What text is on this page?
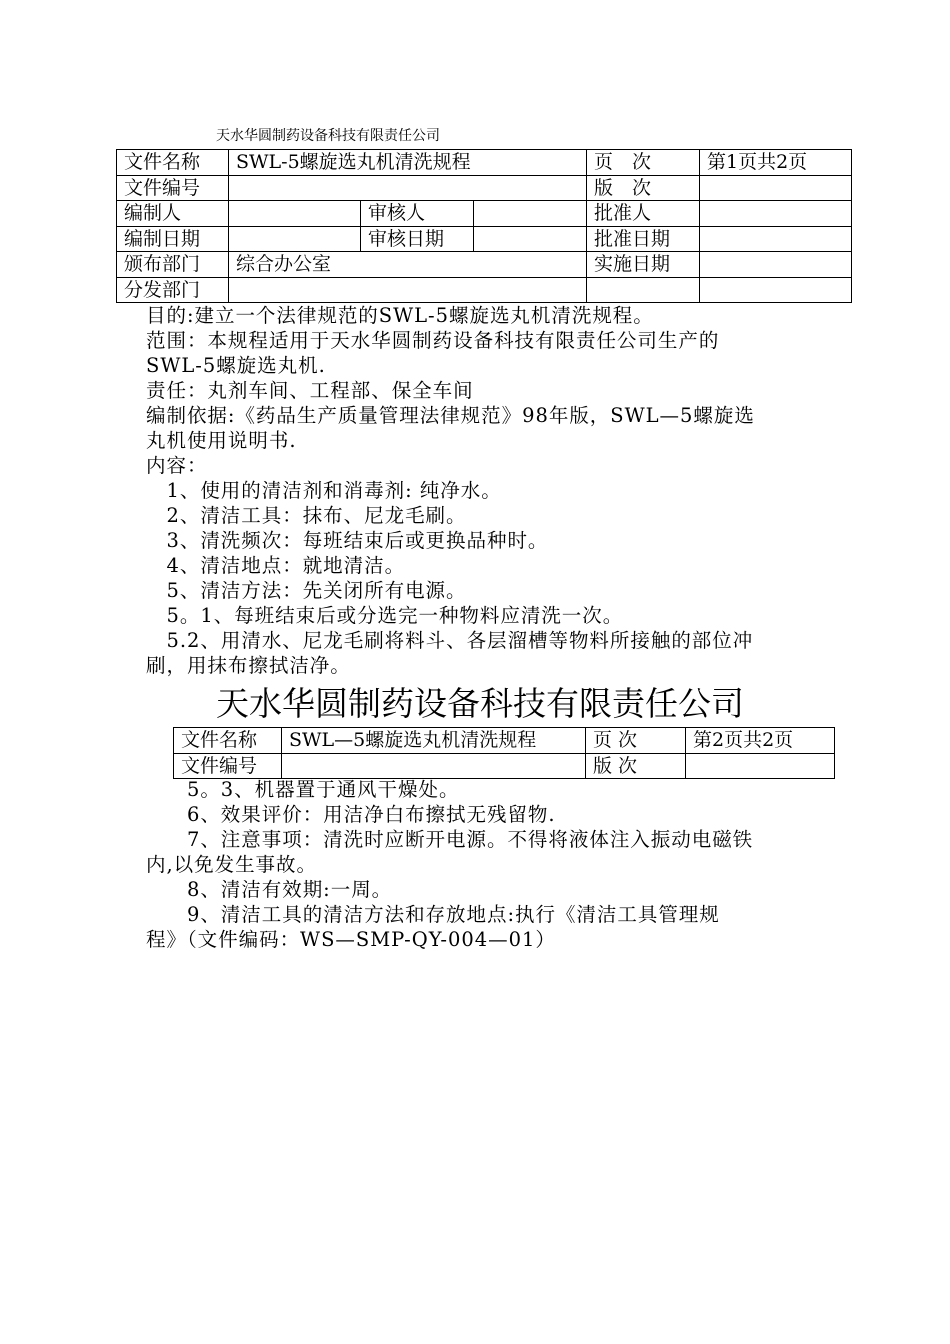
天水华圆制药设备科技有限责任公司
文件名称	SWL-5螺旋选丸机清洗规程			页　次	第1页共2页
文件编号				版　次	
编制人		审核人		批准人	
编制日期		审核日期		批准日期	
颁布部门	综合办公室			实施日期	
分发部门					

目的:建立一个法律规范的SWL-5螺旋选丸机清洗规程。

范围：本规程适用于天水华圆制药设备科技有限责任公司生产的

SWL-5螺旋选丸机.

责任：丸剂车间、工程部、保全车间

编制依据:《药品生产质量管理法律规范》98年版，SWL—5螺旋选

丸机使用说明书.

内容：

　1、使用的清洁剂和消毒剂: 纯净水。

　2、清洁工具：抹布、尼龙毛刷。

　3、清洗频次：每班结束后或更换品种时。

　4、清洁地点：就地清洁。

　5、清洁方法：先关闭所有电源。

　5。1、每班结束后或分选完一种物料应清洗一次。

　5.2、用清水、尼龙毛刷将料斗、各层溜槽等物料所接触的部位冲

刷，用抹布擦拭洁净。

天水华圆制药设备科技有限责任公司
文件名称	SWL—5螺旋选丸机清洗规程	页 次	第2页共2页
文件编号		版 次	

　　5。3、机器置于通风干燥处。

　　6、效果评价：用洁净白布擦拭无残留物.

　　7、注意事项：清洗时应断开电源。不得将液体注入振动电磁铁

内,以免发生事故。

　　8、清洁有效期:一周。

　　9、清洁工具的清洁方法和存放地点:执行《清洁工具管理规

程》（文件编码：WS—SMP-QY-004—01）
